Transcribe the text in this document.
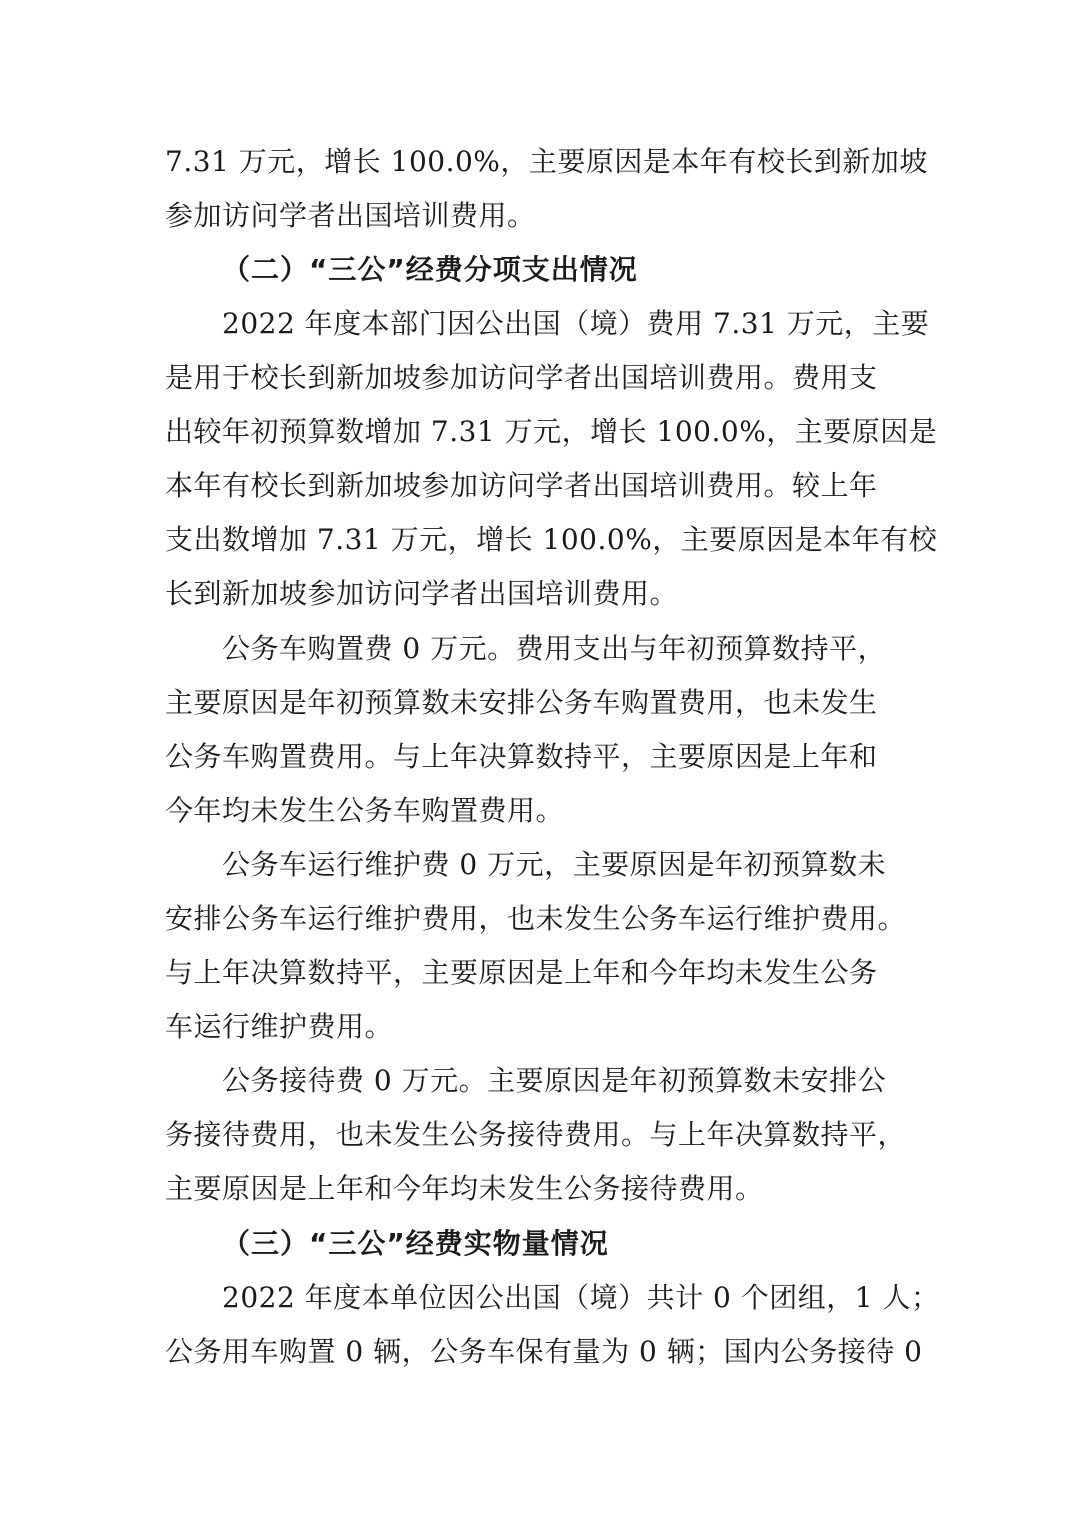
7.31 万元，增长 100.0%，主要原因是本年有校长到新加坡
参加访问学者出国培训费用。
（二）“三公”经费分项支出情况
2022 年度本部门因公出国（境）费用 7.31 万元，主要
是用于校长到新加坡参加访问学者出国培训费用。费用支
出较年初预算数增加 7.31 万元，增长 100.0%，主要原因是
本年有校长到新加坡参加访问学者出国培训费用。较上年
支出数增加 7.31 万元，增长 100.0%，主要原因是本年有校
长到新加坡参加访问学者出国培训费用。
公务车购置费 0 万元。费用支出与年初预算数持平，
主要原因是年初预算数未安排公务车购置费用，也未发生
公务车购置费用。与上年决算数持平，主要原因是上年和
今年均未发生公务车购置费用。
公务车运行维护费 0 万元，主要原因是年初预算数未
安排公务车运行维护费用，也未发生公务车运行维护费用。
与上年决算数持平，主要原因是上年和今年均未发生公务
车运行维护费用。
公务接待费 0 万元。主要原因是年初预算数未安排公
务接待费用，也未发生公务接待费用。与上年决算数持平，
主要原因是上年和今年均未发生公务接待费用。
（三）“三公”经费实物量情况
2022 年度本单位因公出国（境）共计 0 个团组，1 人；
公务用车购置 0 辆，公务车保有量为 0 辆；国内公务接待 0
